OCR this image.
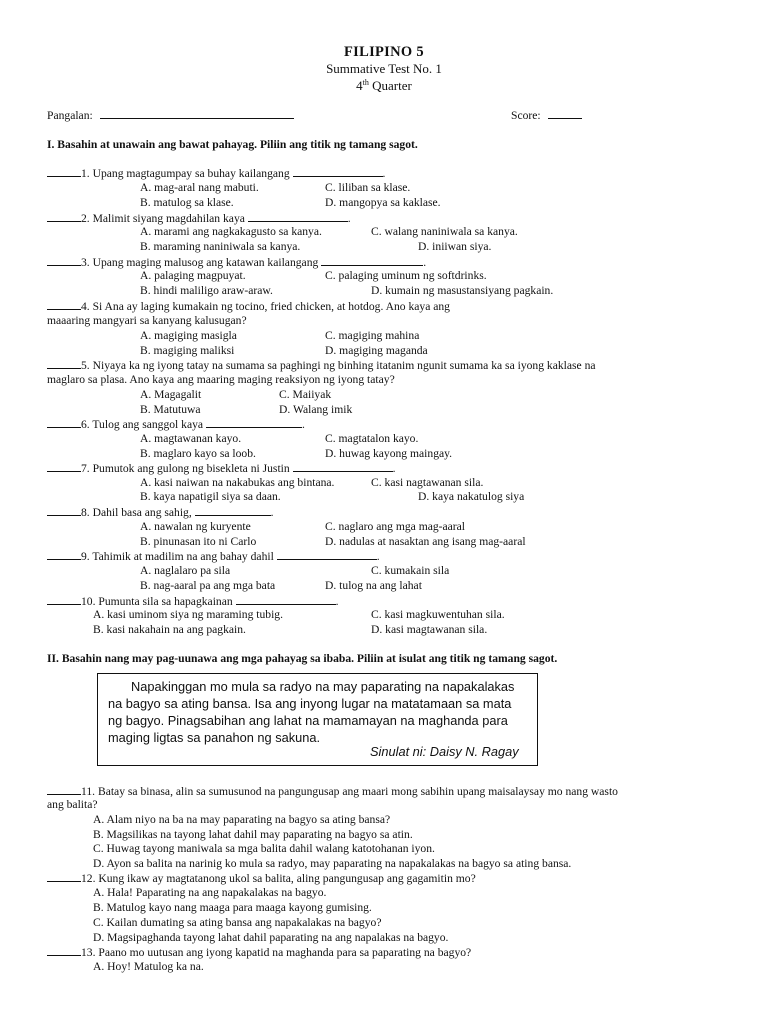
FILIPINO 5
Summative Test No. 1
4th Quarter
Pangalan:	Score:
I. Basahin at unawain ang bawat pahayag. Piliin ang titik ng tamang sagot.
1. Upang magtagumpay sa buhay kailangang	.
A. mag-aral nang mabuti.	C. liliban sa klase.
B. matulog sa klase.	D. mangopya sa kaklase.
2. Malimit siyang magdahilan kaya	.
A. marami ang nagkakagusto sa kanya.	C. walang naniniwala sa kanya.
B. maraming naniniwala sa kanya.	D. iniiwan siya.
3. Upang maging malusog ang katawan kailangang	.
A. palaging magpuyat.	C. palaging uminum ng softdrinks.
B. hindi maliligo araw-araw.	D. kumain ng masustansiyang pagkain.
4. Si Ana ay laging kumakain ng tocino, fried chicken, at hotdog. Ano kaya ang
maaaring mangyari sa kanyang kalusugan?
A. magiging masigla	C. magiging mahina
B. magiging maliksi	D. magiging maganda
5. Niyaya ka ng iyong tatay na sumama sa paghingi ng binhing itatanim ngunit sumama ka sa iyong kaklase na
maglaro sa plasa. Ano kaya ang maaring maging reaksiyon ng iyong tatay?
A. Magagalit	C. Maiiyak
B. Matutuwa	D. Walang imik
6. Tulog ang sanggol kaya	.
A. magtawanan kayo.	C. magtatalon kayo.
B. maglaro kayo sa loob.	D. huwag kayong maingay.
7. Pumutok ang gulong ng bisekleta ni Justin	.
A. kasi naiwan na nakabukas ang bintana.	C. kasi nagtawanan sila.
B. kaya napatigil siya sa daan.	D. kaya nakatulog siya
8. Dahil basa ang sahig,	.
A. nawalan ng kuryente	C. naglaro ang mga mag-aaral
B. pinunasan ito ni Carlo	D. nadulas at nasaktan ang isang mag-aaral
9. Tahimik at madilim na ang bahay dahil	.
A. naglalaro pa sila	C. kumakain sila
B. nag-aaral pa ang mga bata	D. tulog na ang lahat
10. Pumunta sila sa hapagkainan	.
A. kasi uminom siya ng maraming tubig.	C. kasi magkuwentuhan sila.
B. kasi nakahain na ang pagkain.	D. kasi magtawanan sila.
II. Basahin nang may pag-uunawa ang mga pahayag sa ibaba. Piliin at isulat ang titik ng tamang sagot.
Napakinggan mo mula sa radyo na may paparating na napakalakas
na bagyo sa ating bansa. Isa ang inyong lugar na matatamaan sa mata
ng bagyo. Pinagsabihan ang lahat na mamamayan na maghanda para
maging ligtas sa panahon ng sakuna.
Sinulat ni: Daisy N. Ragay
11. Batay sa binasa, alin sa sumusunod na pangungusap ang maari mong sabihin upang maisalaysay mo nang wasto
ang balita?
A. Alam niyo na ba na may paparating na bagyo sa ating bansa?
B. Magsilikas na tayong lahat dahil may paparating na bagyo sa atin.
C. Huwag tayong maniwala sa mga balita dahil walang katotohanan iyon.
D. Ayon sa balita na narinig ko mula sa radyo, may paparating na napakalakas na bagyo sa ating bansa.
12. Kung ikaw ay magtatanong ukol sa balita, aling pangungusap ang gagamitin mo?
A. Hala! Paparating na ang napakalakas na bagyo.
B. Matulog kayo nang maaga para maaga kayong gumising.
C. Kailan dumating sa ating bansa ang napakalakas na bagyo?
D. Magsipaghanda tayong lahat dahil paparating na ang napalakas na bagyo.
13. Paano mo uutusan ang iyong kapatid na maghanda para sa paparating na bagyo?
A. Hoy! Matulog ka na.
